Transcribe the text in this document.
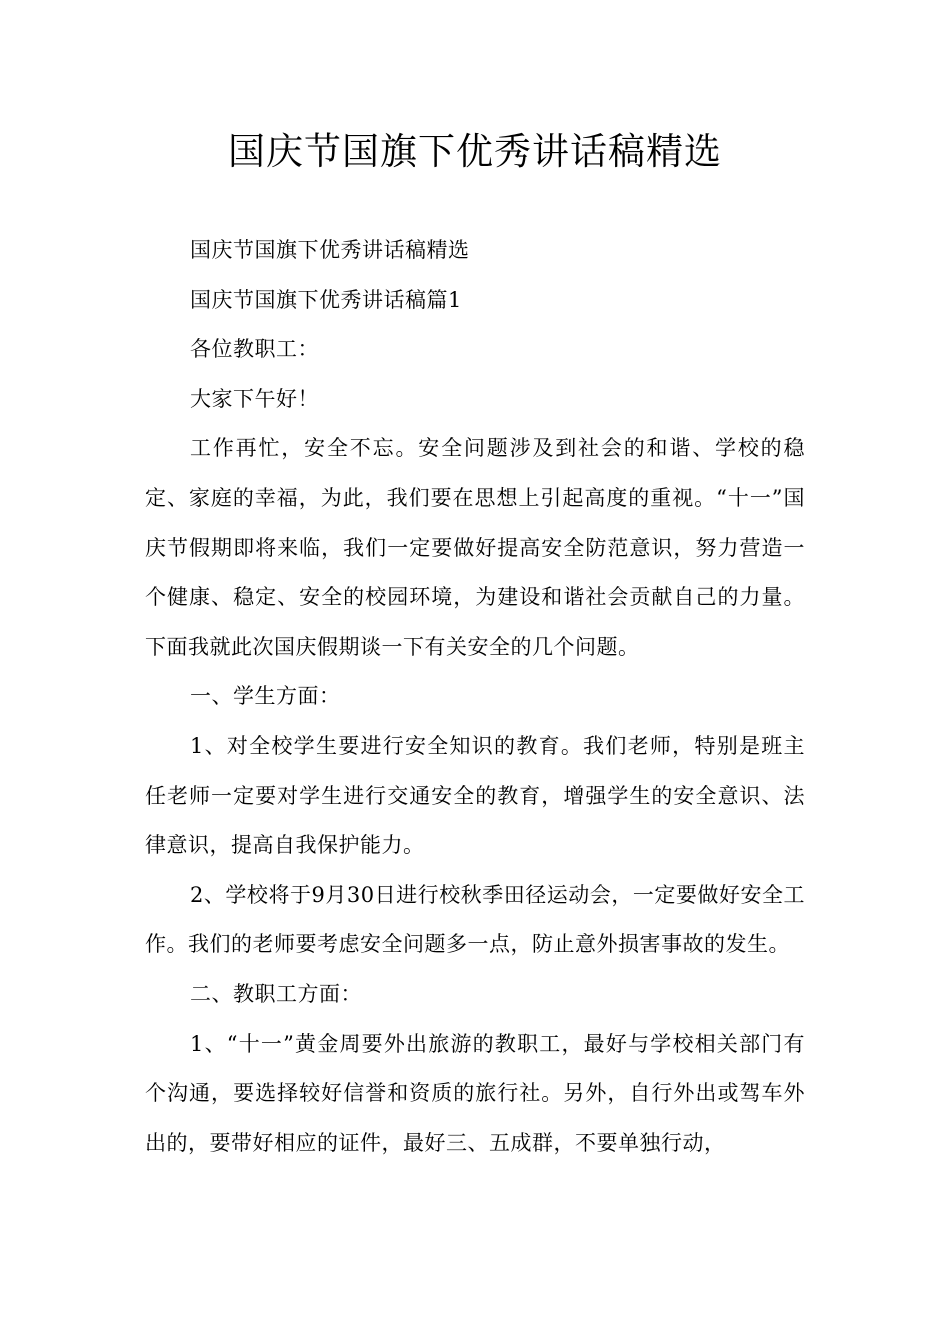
国庆节国旗下优秀讲话稿精选

国庆节国旗下优秀讲话稿精选

国庆节国旗下优秀讲话稿篇1

各位教职工：

大家下午好！

工作再忙，安全不忘。安全问题涉及到社会的和谐、学校的稳定、家庭的幸福，为此，我们要在思想上引起高度的重视。“十一”国庆节假期即将来临，我们一定要做好提高安全防范意识，努力营造一个健康、稳定、安全的校园环境，为建设和谐社会贡献自己的力量。下面我就此次国庆假期谈一下有关安全的几个问题。

一、学生方面：

1、对全校学生要进行安全知识的教育。我们老师，特别是班主任老师一定要对学生进行交通安全的教育，增强学生的安全意识、法律意识，提高自我保护能力。

2、学校将于9月30日进行校秋季田径运动会，一定要做好安全工作。我们的老师要考虑安全问题多一点，防止意外损害事故的发生。

二、教职工方面：

1、“十一”黄金周要外出旅游的教职工，最好与学校相关部门有个沟通，要选择较好信誉和资质的旅行社。另外，自行外出或驾车外出的，要带好相应的证件，最好三、五成群，不要单独行动，
